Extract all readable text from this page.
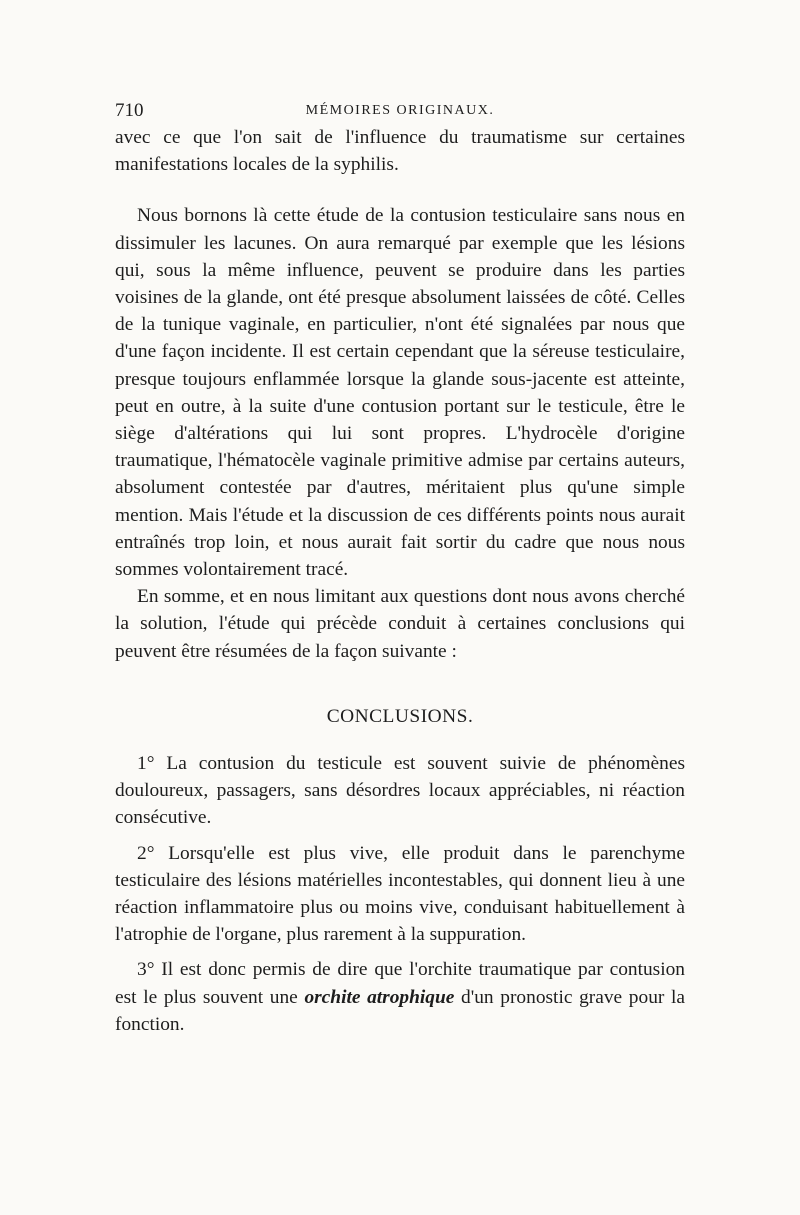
710	MÉMOIRES ORIGINAUX.

avec ce que l'on sait de l'influence du traumatisme sur certaines manifestations locales de la syphilis.

Nous bornons là cette étude de la contusion testiculaire sans nous en dissimuler les lacunes. On aura remarqué par exemple que les lésions qui, sous la même influence, peuvent se produire dans les parties voisines de la glande, ont été presque absolument laissées de côté. Celles de la tunique vaginale, en particulier, n'ont été signalées par nous que d'une façon incidente. Il est certain cependant que la séreuse testiculaire, presque toujours enflammée lorsque la glande sous-jacente est atteinte, peut en outre, à la suite d'une contusion portant sur le testicule, être le siège d'altérations qui lui sont propres. L'hydrocèle d'origine traumatique, l'hématocèle vaginale primitive admise par certains auteurs, absolument contestée par d'autres, méritaient plus qu'une simple mention. Mais l'étude et la discussion de ces différents points nous aurait entraînés trop loin, et nous aurait fait sortir du cadre que nous nous sommes volontairement tracé.

En somme, et en nous limitant aux questions dont nous avons cherché la solution, l'étude qui précède conduit à certaines conclusions qui peuvent être résumées de la façon suivante :

CONCLUSIONS.

1° La contusion du testicule est souvent suivie de phénomènes douloureux, passagers, sans désordres locaux appréciables, ni réaction consécutive.

2° Lorsqu'elle est plus vive, elle produit dans le parenchyme testiculaire des lésions matérielles incontestables, qui donnent lieu à une réaction inflammatoire plus ou moins vive, conduisant habituellement à l'atrophie de l'organe, plus rarement à la suppuration.

3° Il est donc permis de dire que l'orchite traumatique par contusion est le plus souvent une orchite atrophique d'un pronostic grave pour la fonction.
